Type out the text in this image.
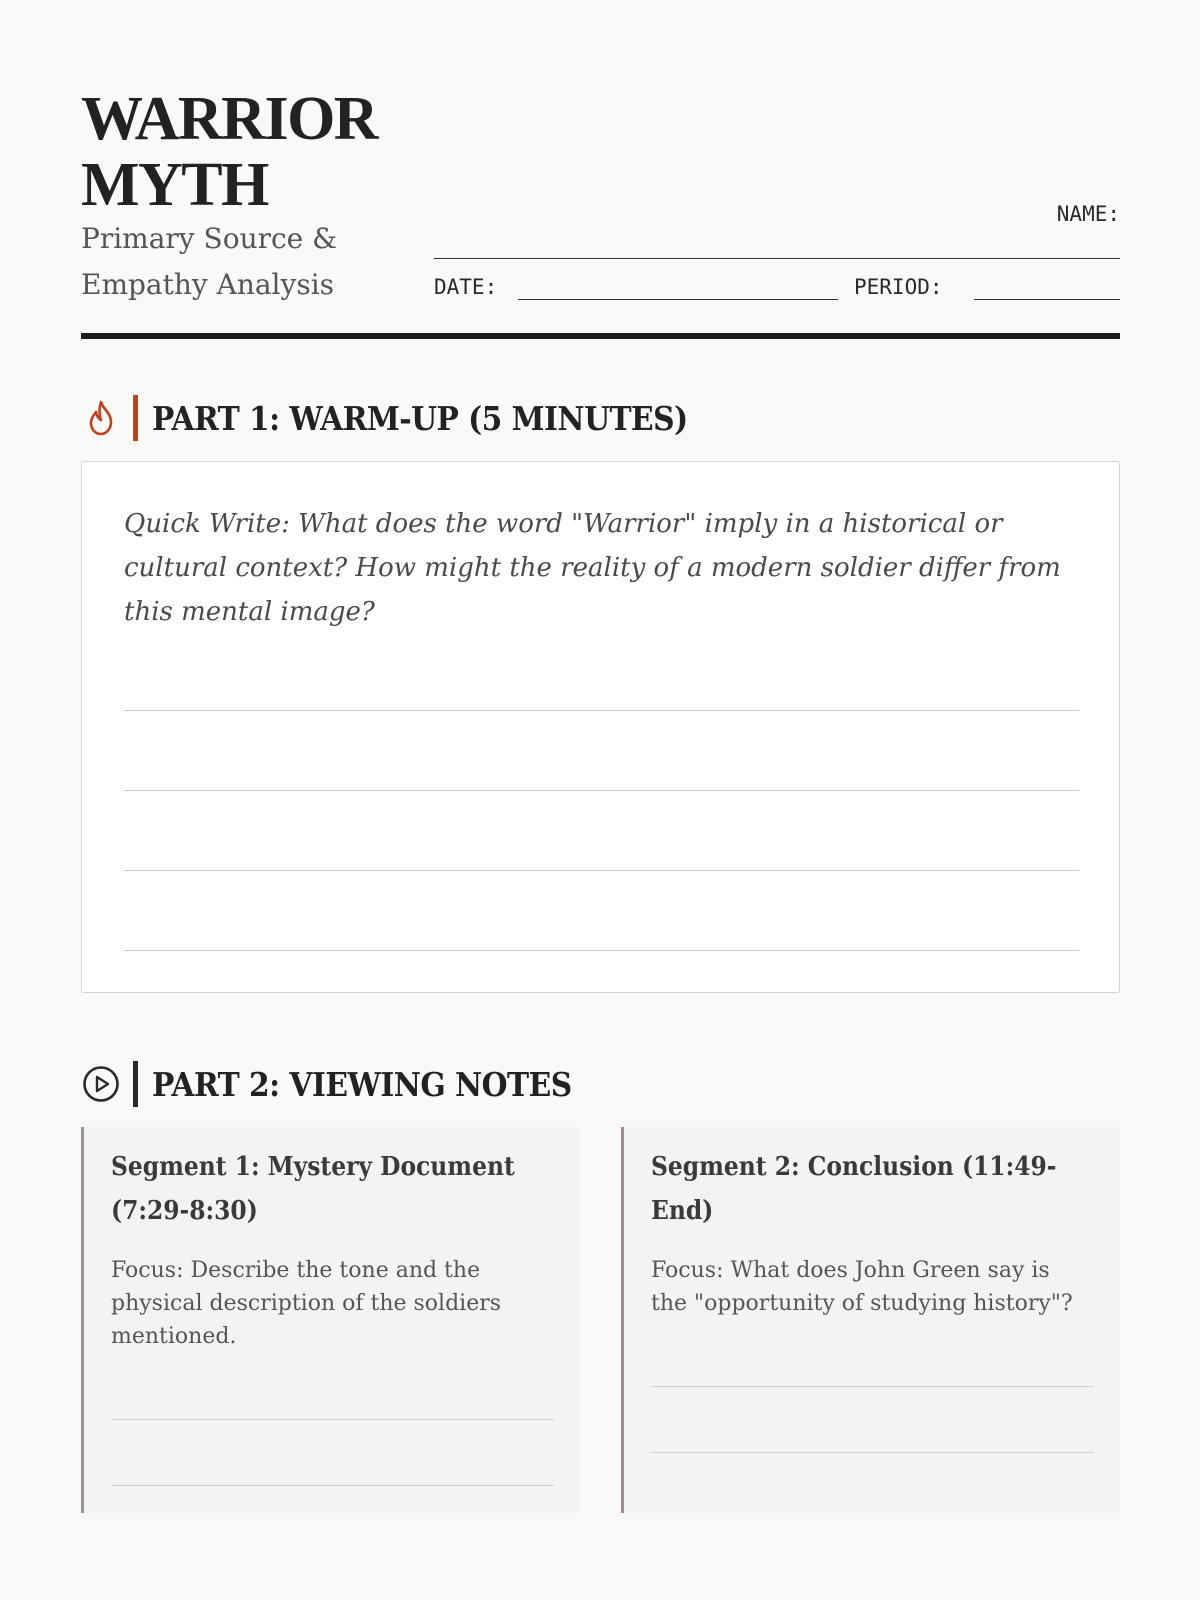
WARRIOR
MYTH

Primary Source & Empathy Analysis

NAME:
DATE:	PERIOD:
PART 1: WARM-UP (5 MINUTES)

Quick Write: What does the word "Warrior" imply in a historical or cultural context? How might the reality of a modern soldier differ from this mental image?

PART 2: VIEWING NOTES
Segment 1: Mystery Document (7:29-8:30)

Focus: Describe the tone and the physical description of the soldiers mentioned.

Segment 2: Conclusion (11:49-End)

Focus: What does John Green say is the "opportunity of studying history"?
